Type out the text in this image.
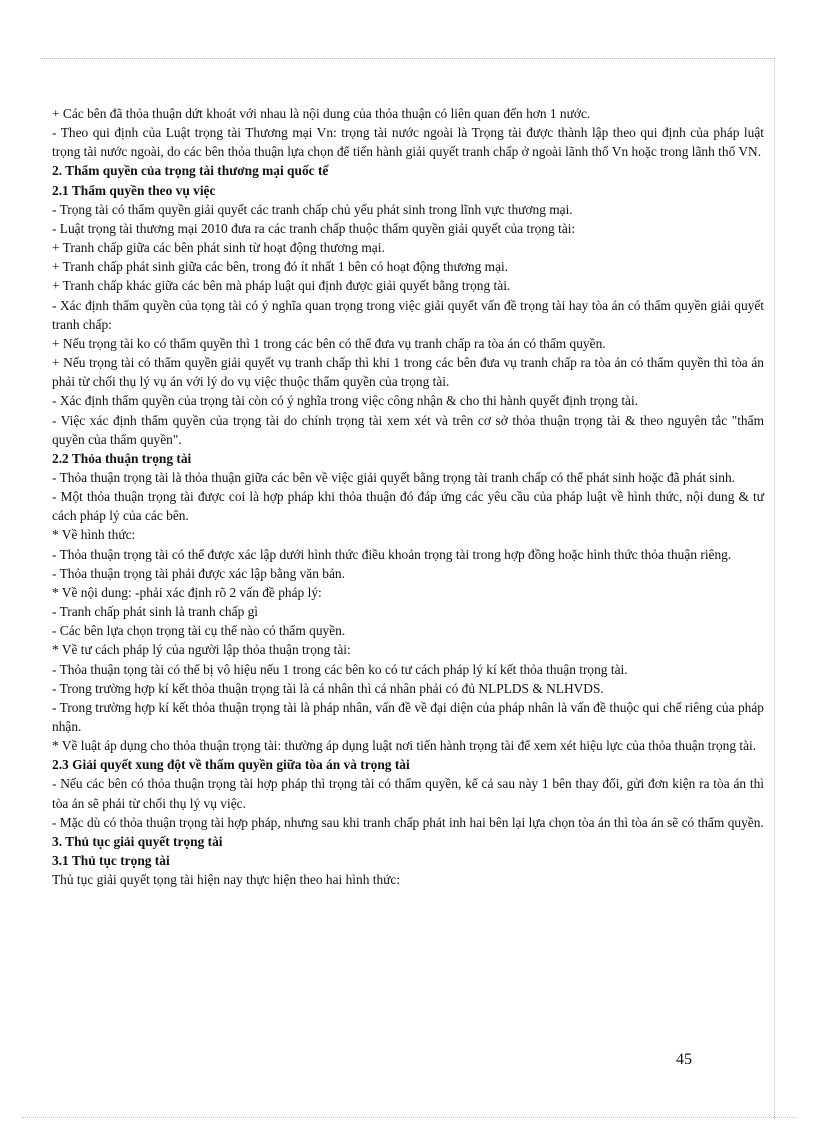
+ Các bên đã thỏa thuận dứt khoát với nhau là nội dung của thỏa thuận có liên quan đến hơn 1 nước.

- Theo qui định của Luật trọng tài Thương mại Vn: trọng tài nước ngoài là Trọng tài được thành lập theo qui định của pháp luật trọng tài nước ngoài, do các bên thỏa thuận lựa chọn để tiến hành giải quyết tranh chấp ở ngoài lãnh thổ Vn hoặc trong lãnh thổ VN.

2. Thẩm quyền của trọng tài thương mại quốc tế

2.1 Thẩm quyền theo vụ việc

- Trọng tài có thẩm quyền giải quyết các tranh chấp chủ yếu phát sinh trong lĩnh vực thương mại.

- Luật trọng tài thương mại 2010 đưa ra các tranh chấp thuộc thẩm quyền giải quyết của trọng tài:

+ Tranh chấp giữa các bên phát sinh từ hoạt động thương mại.

+ Tranh chấp phát sinh giữa các bên, trong đó ít nhất 1 bên có hoạt động thương mại.

+ Tranh chấp khác giữa các bên mà pháp luật qui định được giải quyết bằng trọng tài.

- Xác định thẩm quyền của tọng tài có ý nghĩa quan trọng trong việc giải quyết vấn đề trọng tài hay tòa án có thẩm quyền giải quyết tranh chấp:

+ Nếu trọng tài ko có thẩm quyền thì 1 trong các bên có thể đưa vụ tranh chấp ra tòa án có thẩm quyền.

+ Nếu trọng tài có thẩm quyền giải quyết vụ tranh chấp thì khi 1 trong các bên đưa vụ tranh chấp ra tòa án có thẩm quyền thì tòa án phải từ chối thụ lý vụ án với lý do vụ việc thuộc thẩm quyền của trọng tài.

- Xác định thẩm quyền của trọng tài còn có ý nghĩa trong việc công nhận & cho thi hành quyết định trọng tài.

- Việc xác định thẩm quyền của trọng tài do chính trọng tài xem xét và trên cơ sở thỏa thuận trọng tài & theo nguyên tắc "thẩm quyền của thẩm quyền".

2.2 Thỏa thuận trọng tài

- Thỏa thuận trọng tài là thỏa thuận giữa các bên về việc giải quyết bằng trọng tài tranh chấp có thể phát sinh hoặc đã phát sinh.

- Một thỏa thuận trọng tài được coi là hợp pháp khi thỏa thuận đó đáp ứng các yêu cầu của pháp luật về hình thức, nội dung & tư cách pháp lý của các bên.

* Về hình thức:

- Thỏa thuận trọng tài có thể được xác lập dưới hình thức điều khoản trọng tài trong hợp đồng hoặc hình thức thỏa thuận riêng.

- Thỏa thuận trọng tài phải được xác lập bằng văn bản.

* Về nội dung: -phải xác định rõ 2 vấn đề pháp lý:

- Tranh chấp phát sinh là tranh chấp gì

- Các bên lựa chọn trọng tài cụ thể nào có thẩm quyền.

* Về tư cách pháp lý của người lập thỏa thuận trọng tài:

- Thỏa thuận tọng tài có thể bị vô hiệu nếu 1 trong các bên ko có tư cách pháp lý kí kết thỏa thuận trọng tài.

- Trong trường hợp kí kết thỏa thuận trọng tài là cá nhân thì cá nhân phải có đủ NLPLDS & NLHVDS.

- Trong trường hợp kí kết thỏa thuận trọng tài là pháp nhân, vấn đề về đại diện của pháp nhân là vấn đề thuộc qui chế riêng của pháp nhận.

* Về luật áp dụng cho thỏa thuận trọng tài: thường áp dụng luật nơi tiến hành trọng tài để xem xét hiệu lực của thỏa thuận trọng tài.

2.3 Giải quyết xung đột về thẩm quyền giữa tòa án và trọng tài

- Nếu các bên có thỏa thuận trọng tài hợp pháp thì trọng tài có thẩm quyền, kể cả sau này 1 bên thay đổi, gửi đơn kiện ra tòa án thì tòa án sẽ phải từ chối thụ lý vụ việc.

- Mặc dù có thỏa thuận trọng tài hợp pháp, nhưng sau khi tranh chấp phát inh hai bên lại lựa chọn tòa án thì tòa án sẽ có thẩm quyền.

3. Thủ tục giải quyết trọng tài

3.1 Thủ tục trọng tài

Thủ tục giải quyết tọng tài hiện nay thực hiện theo hai hình thức:

45
